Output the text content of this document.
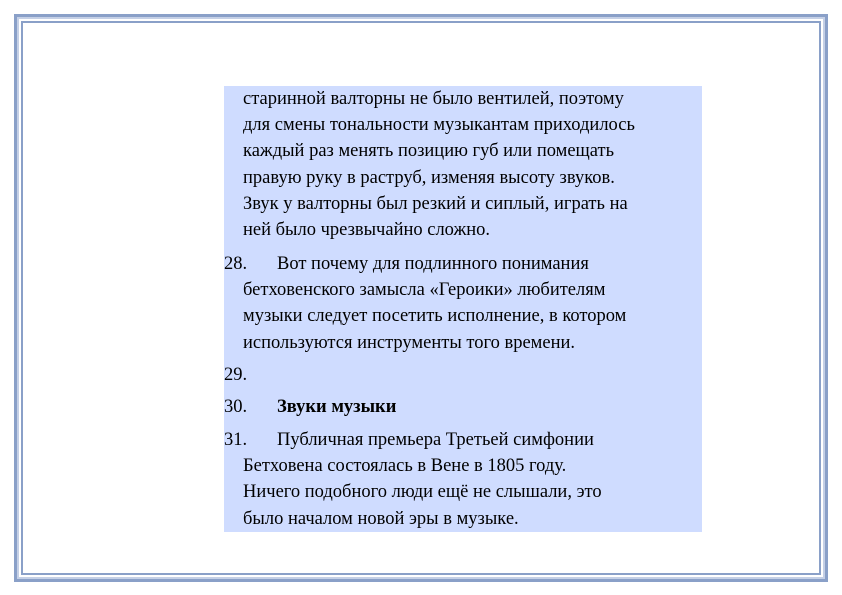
старинной валторны не было вентилей, поэтому
для смены тональности музыкантам приходилось
каждый раз менять позицию губ или помещать
правую руку в раструб, изменяя высоту звуков.
Звук у валторны был резкий и сиплый, играть на
ней было чрезвычайно сложно.
28.	Вот почему для подлинного понимания
бетховенского замысла «Героики» любителям
музыки следует посетить исполнение, в котором
используются инструменты того времени.
29.
30.	Звуки музыки
31.	Публичная премьера Третьей симфонии
Бетховена состоялась в Вене в 1805 году.
Ничего подобного люди ещё не слышали, это
было началом новой эры в музыке.
